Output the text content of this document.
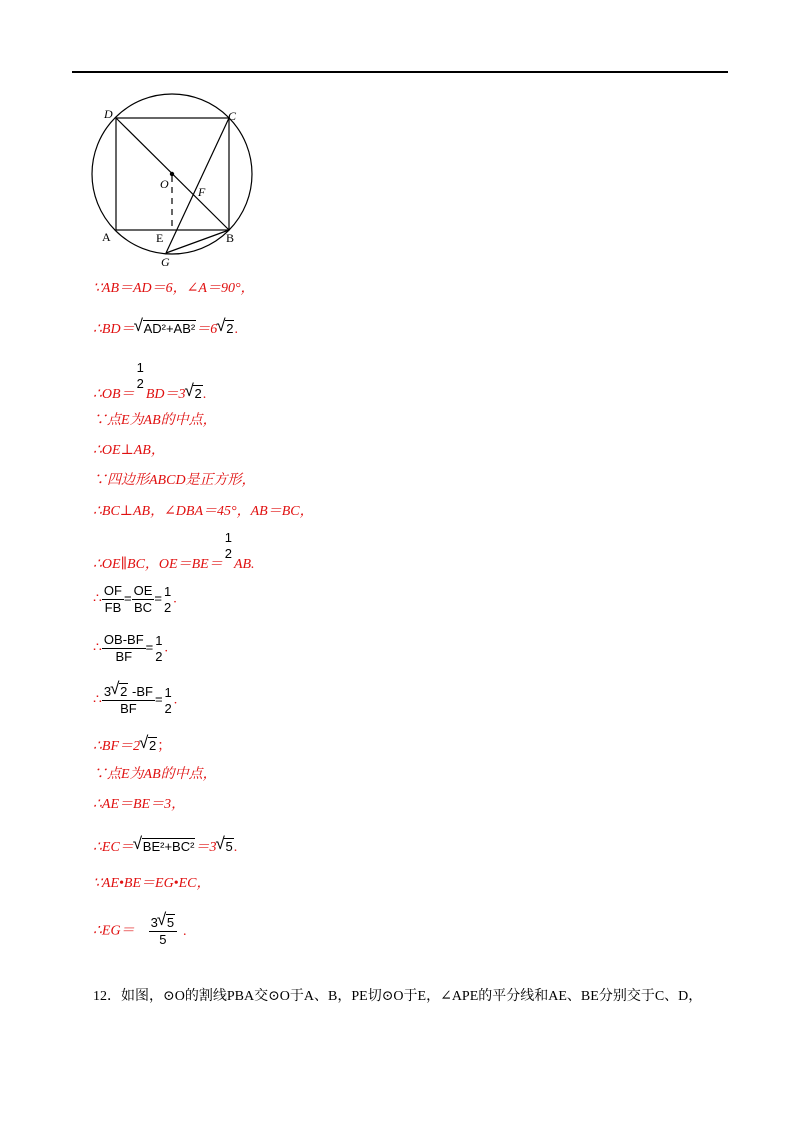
D	C
O
F
A	E	B
G
∵AB＝AD＝6，∠A＝90°，
∴BD＝ √ AD²+AB²＝6 √ 2.
∴OB＝
1
2
BD＝3 √ 2.
∵点E为AB的中点，
∴OE⊥AB，
∵四边形ABCD是正方形，
∴BC⊥AB，∠DBA＝45°，AB＝BC，
∴OE∥BC，OE＝BE＝
1
2
AB.
∴ $\frac{OF}{FB} = \frac{OE}{BC} = 1$
2
.
∴ $\frac{OB-BF}{BF} = 1$
2
.
∴ $\frac{3 √ 2 -BF}{BF} = 1$
2
.
∴BF＝2 √ 2；
∵点E为AB的中点，
∴AE＝BE＝3，
∴EC＝ √ BE²+BC²＝3 √ 5.
∵AE•BE＝EG•EC，
∴EG＝ $\frac{3 √ 5}{5}$ .
12．如图，⊙O的割线PBA交⊙O于A、B，PE切⊙O于E，∠APE的平分线和AE、BE分别交于C、D，
